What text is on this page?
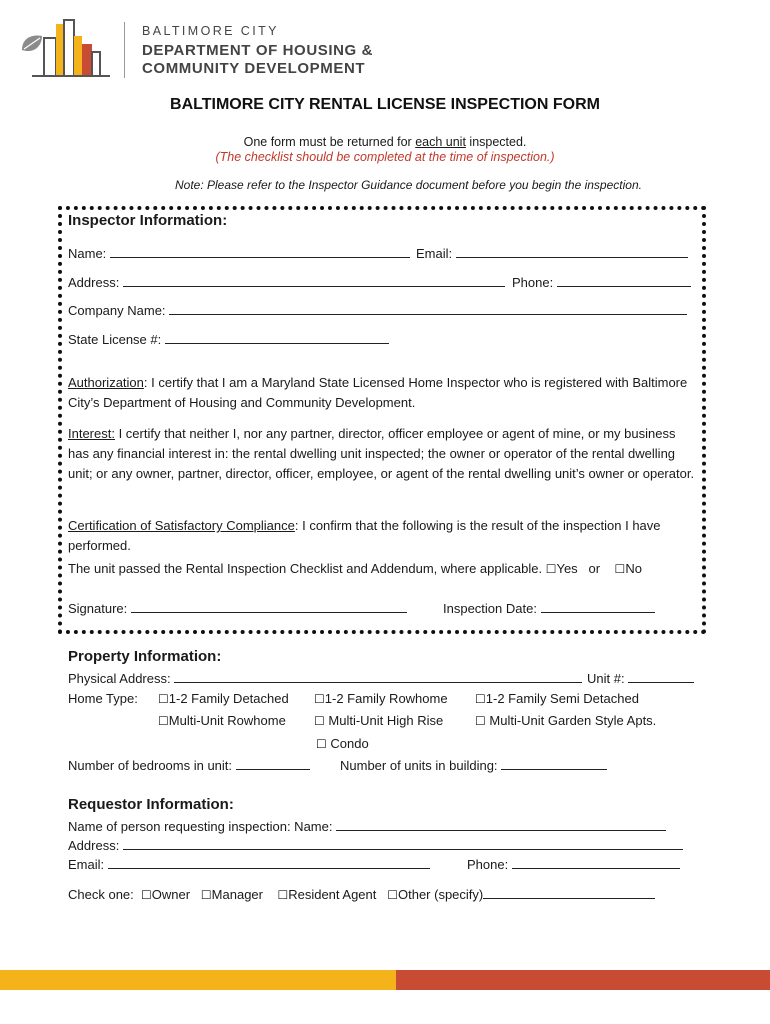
BALTIMORE CITY
DEPARTMENT OF HOUSING &
COMMUNITY DEVELOPMENT
BALTIMORE CITY RENTAL LICENSE INSPECTION FORM
One form must be returned for each unit inspected.
(The checklist should be completed at the time of inspection.)
Note: Please refer to the Inspector Guidance document before you begin the inspection.
Inspector Information:
Name:	Email:
Address:	Phone:
Company Name:
State License #:
Authorization: I certify that I am a Maryland State Licensed Home Inspector who is registered with Baltimore City’s Department of Housing and Community Development.
Interest: I certify that neither I, nor any partner, director, officer employee or agent of mine, or my business has any financial interest in: the rental dwelling unit inspected; the owner or operator of the rental dwelling unit; or any owner, partner, director, officer, employee, or agent of the rental dwelling unit’s owner or operator.
Certification of Satisfactory Compliance: I confirm that the following is the result of the inspection I have performed.
The unit passed the Rental Inspection Checklist and Addendum, where applicable. ☐Yes or ☐No
Signature:	Inspection Date:
Property Information:
Physical Address:	Unit #:
Home Type: ☐1-2 Family Detached ☐1-2 Family Rowhome ☐1-2 Family Semi Detached
☐Multi-Unit Rowhome ☐ Multi-Unit High Rise	☐ Multi-Unit Garden Style Apts.
☐ Condo
Number of bedrooms in unit:	Number of units in building:
Requestor Information:
Name of person requesting inspection: Name:
Address:
Email:	Phone:
Check one: ☐Owner ☐Manager ☐Resident Agent ☐Other (specify)
